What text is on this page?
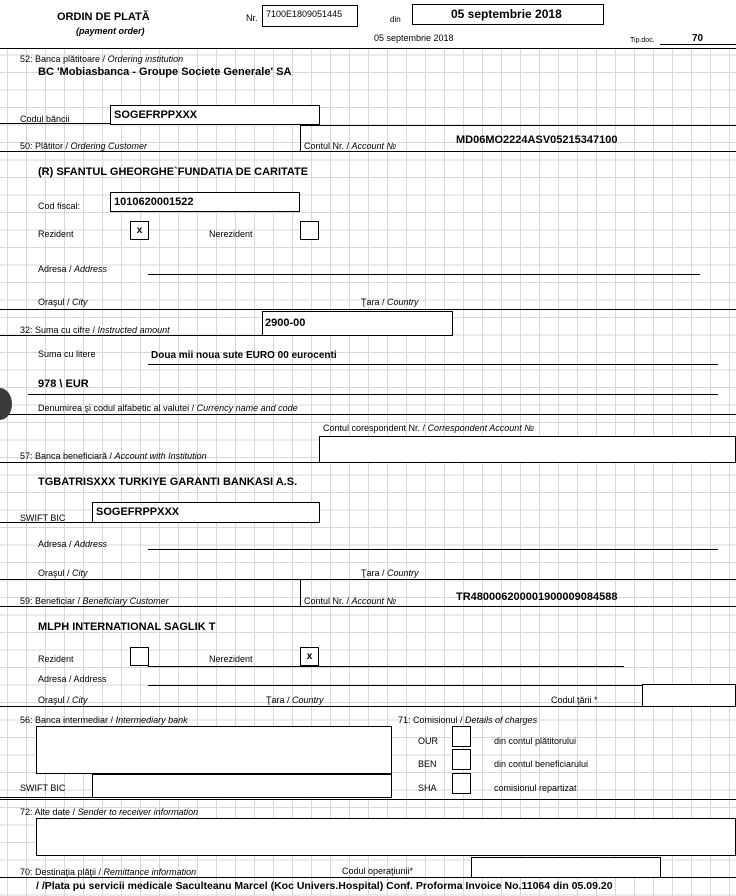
ORDIN DE PLATĂ
(payment order)
Nr. 7100E1809051445
din	05 septembrie 2018
05 septembrie 2018	Tip.doc.	70
52: Banca plătitoare / Ordering institution
BC 'Mobiasbanca - Groupe Societe Generale' SA
Codul băncii	SOGEFRPPXXX
50: Plătitor / Ordering Customer	Contul Nr. / Account №	MD06MO2224ASV05215347100
(R) SFANTUL GHEORGHE`FUNDATIA DE CARITATE
Cod fiscal:	1010620001522
Rezident	x	Nerezident
Adresa / Address
Oraşul / City	Ţara / Country
32: Suma cu cifre / Instructed amount
2900-00
Suma cu litere	Doua mii noua sute EURO 00 eurocenti
978 \ EUR
Denumirea şi codul alfabetic al valutei / Currency name and code
Contul corespondent Nr. / Correspondent Account №
57: Banca beneficiară / Account with Institution
TGBATRISXXX TURKIYE GARANTI BANKASI A.S.
SWIFT BIC	SOGEFRPPXXX
Adresa / Address
Oraşul / City	Ţara / Country
59: Beneficiar / Beneficiary Customer	Contul Nr. / Account №	TR480006200001900009084588
MLPH INTERNATIONAL SAGLIK T
Rezident	Nerezident	x
Adresa / Address
Oraşul / City	Ţara / Country	Codul ţării *
56: Banca intermediar / Intermediary bank	71: Comisionul / Details of charges
OUR	din contul plătitorului
BEN	din contul beneficiarului
SHA	comisionul repartizat
SWIFT BIC
72: Alte date / Sender to receiver information
70: Destinaţia plăţii / Remittance information	Codul operaţiunii*
/ /Plata pu servicii medicale Saculteanu Marcel (Koc Univers.Hospital) Conf. Proforma Invoice No.11064 din 05.09.20
